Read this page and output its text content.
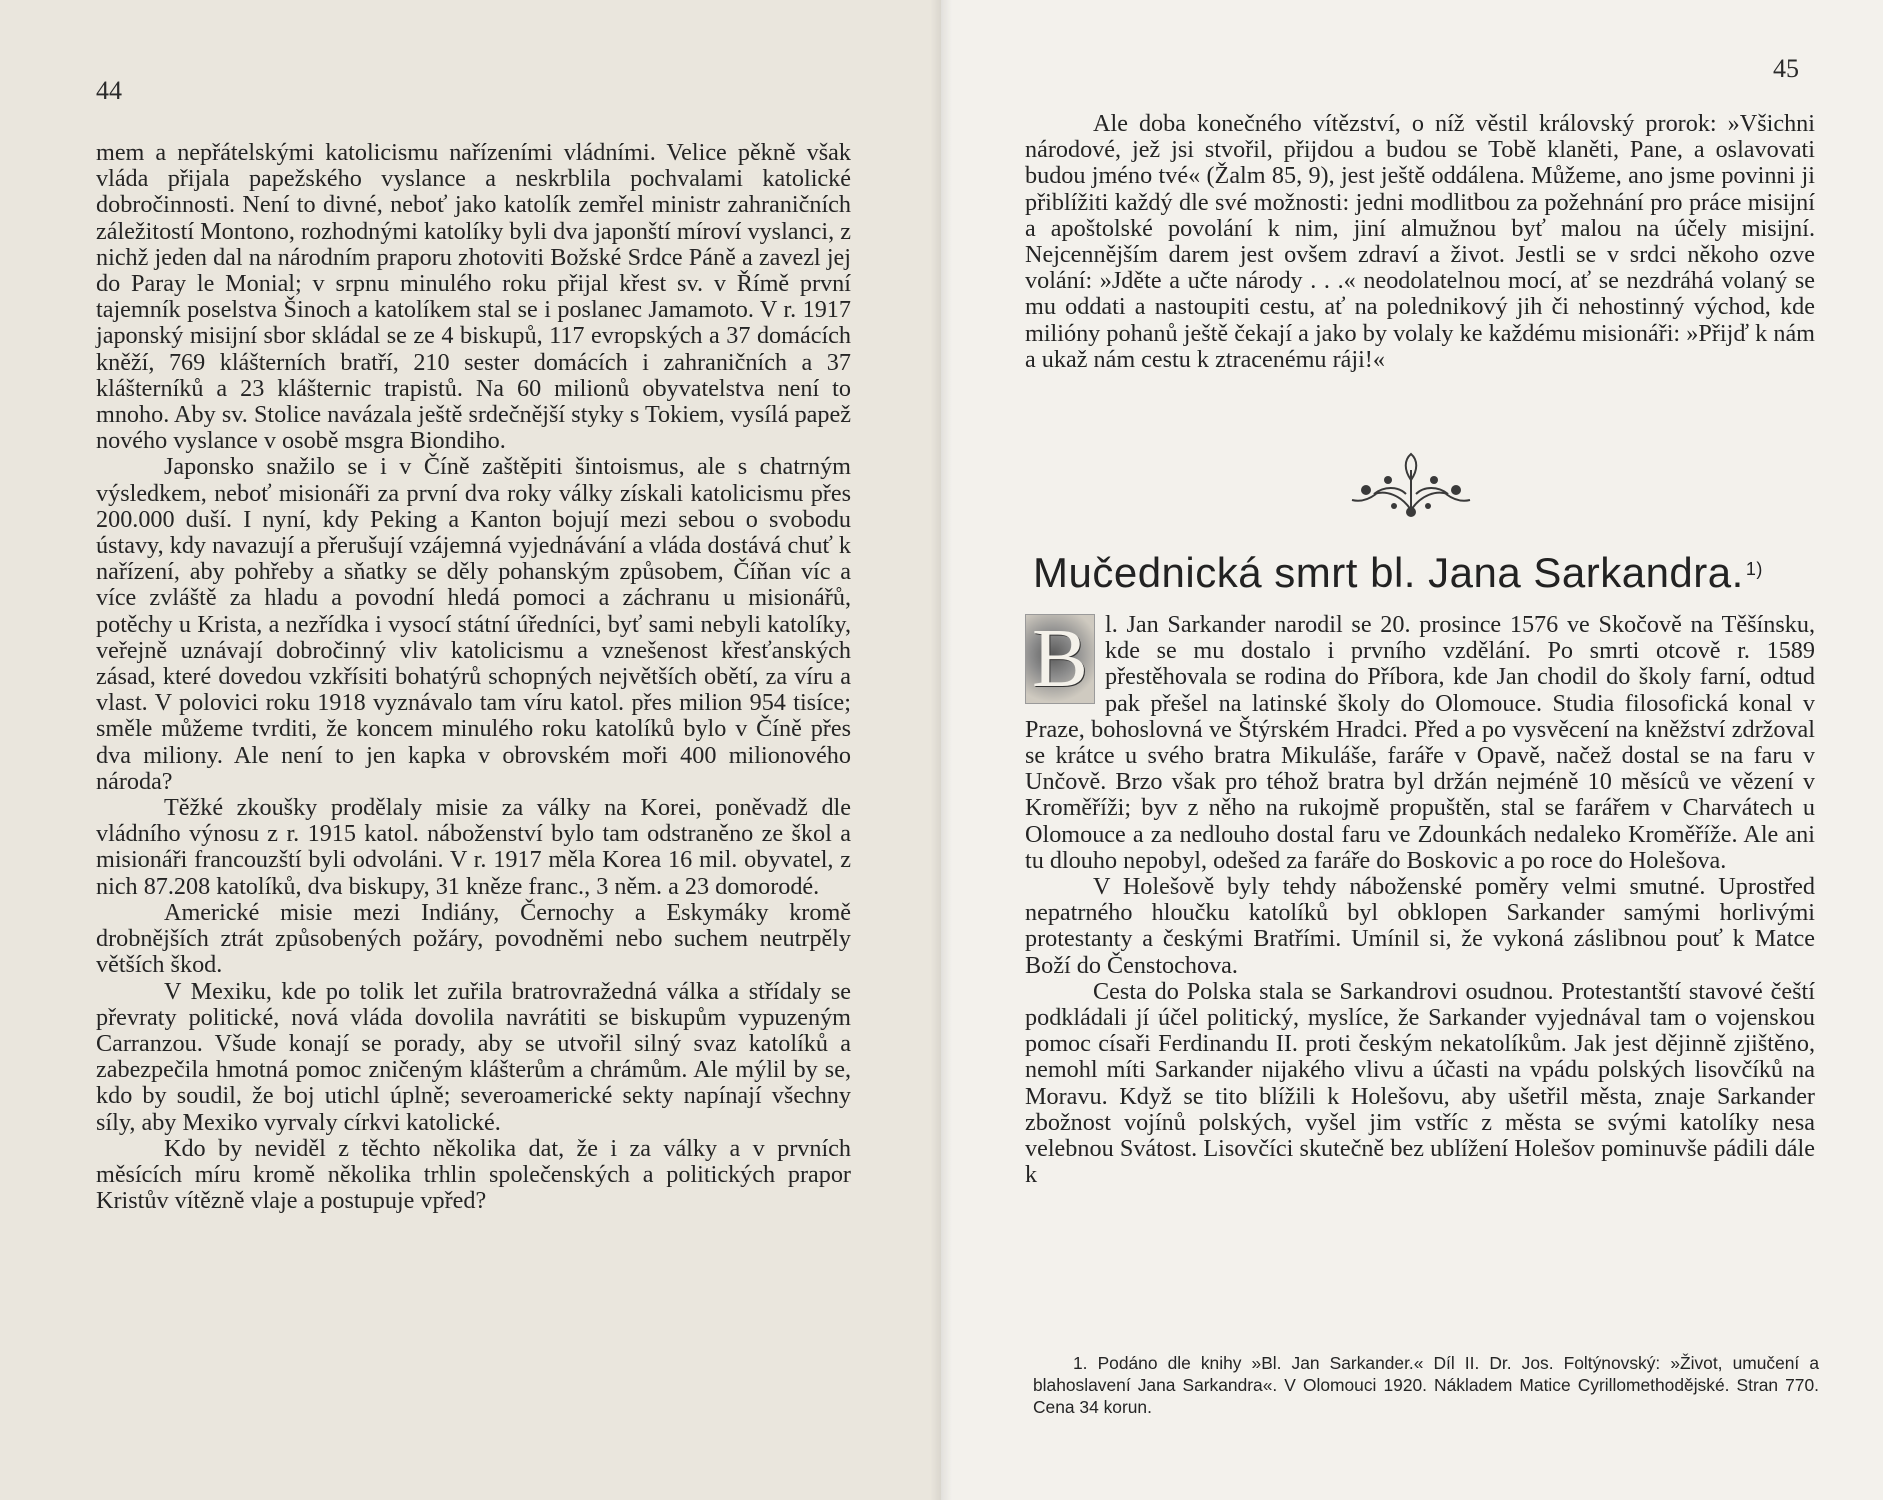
44

mem a nepřátelskými katolicismu nařízeními vládními. Velice pěkně však vláda přijala papežského vyslance a neskrblila pochvalami katolické dobročinnosti. Není to divné, neboť jako katolík zemřel ministr zahraničních záležitostí Montono, rozhodnými katolíky byli dva japonští míroví vyslanci, z nichž jeden dal na národním praporu zhotoviti Božské Srdce Páně a zavezl jej do Paray le Monial; v srpnu minulého roku přijal křest sv. v Římě první tajemník poselstva Šinoch a katolíkem stal se i poslanec Jamamoto. V r. 1917 japonský misijní sbor skládal se ze 4 biskupů, 117 evropských a 37 domácích kněží, 769 klášterních bratří, 210 sester domácích i zahraničních a 37 klášterníků a 23 klášternic trapistů. Na 60 milionů obyvatelstva není to mnoho. Aby sv. Stolice navázala ještě srdečnější styky s Tokiem, vysílá papež nového vyslance v osobě msgra Biondiho.

Japonsko snažilo se i v Číně zaštěpiti šintoismus, ale s chatrným výsledkem, neboť misionáři za první dva roky války získali katolicismu přes 200.000 duší. I nyní, kdy Peking a Kanton bojují mezi sebou o svobodu ústavy, kdy navazují a přerušují vzájemná vyjednávání a vláda dostává chuť k nařízení, aby pohřeby a sňatky se děly pohanským způsobem, Číňan víc a více zvláště za hladu a povodní hledá pomoci a záchranu u misionářů, potěchy u Krista, a nezřídka i vysocí státní úředníci, byť sami nebyli katolíky, veřejně uznávají dobročinný vliv katolicismu a vznešenost křesťanských zásad, které dovedou vzkřísiti bohatýrů schopných největších obětí, za víru a vlast. V polovici roku 1918 vyznávalo tam víru katol. přes milion 954 tisíce; směle můžeme tvrditi, že koncem minulého roku katolíků bylo v Číně přes dva miliony. Ale není to jen kapka v obrovském moři 400 milionového národa?

Těžké zkoušky prodělaly misie za války na Korei, poněvadž dle vládního výnosu z r. 1915 katol. náboženství bylo tam odstraněno ze škol a misionáři francouzští byli odvoláni. V r. 1917 měla Korea 16 mil. obyvatel, z nich 87.208 katolíků, dva biskupy, 31 kněze franc., 3 něm. a 23 domorodé.

Americké misie mezi Indiány, Černochy a Eskymáky kromě drobnějších ztrát způsobených požáry, povodněmi nebo suchem neutrpěly větších škod.

V Mexiku, kde po tolik let zuřila bratrovražedná válka a střídaly se převraty politické, nová vláda dovolila navrátiti se biskupům vypuzeným Carranzou. Všude konají se porady, aby se utvořil silný svaz katolíků a zabezpečila hmotná pomoc zničeným klášterům a chrámům. Ale mýlil by se, kdo by soudil, že boj utichl úplně; severoamerické sekty napínají všechny síly, aby Mexiko vyrvaly církvi katolické.

Kdo by neviděl z těchto několika dat, že i za války a v prvních měsících míru kromě několika trhlin společenských a politických prapor Kristův vítězně vlaje a postupuje vpřed?

45

Ale doba konečného vítězství, o níž věstil královský prorok: »Všichni národové, jež jsi stvořil, přijdou a budou se Tobě klaněti, Pane, a oslavovati budou jméno tvé« (Žalm 85, 9), jest ještě oddálena. Můžeme, ano jsme povinni ji přiblížiti každý dle své možnosti: jedni modlitbou za požehnání pro práce misijní a apoštolské povolání k nim, jiní almužnou byť malou na účely misijní. Nejcennějším darem jest ovšem zdraví a život. Jestli se v srdci někoho ozve volání: »Jděte a učte národy . . .« neodolatelnou mocí, ať se nezdráhá volaný se mu oddati a nastoupiti cestu, ať na polednikový jih či nehostinný východ, kde milióny pohanů ještě čekají a jako by volaly ke každému misionáři: »Přijď k nám a ukaž nám cestu k ztracenému ráji!«

Mučednická smrt bl. Jana Sarkandra. $^{1)}$
B l. Jan Sarkander narodil se 20. prosince 1576 ve Skočově na Těšínsku, kde se mu dostalo i prvního vzdělání. Po smrti otcově r. 1589 přestěhovala se rodina do Příbora, kde Jan chodil do školy farní, odtud pak přešel na latinské školy do Olomouce. Studia filosofická konal v Praze, bohoslovná ve Štýrském Hradci. Před a po vysvěcení na kněžství zdržoval se krátce u svého bratra Mikuláše, faráře v Opavě, načež dostal se na faru v Unčově. Brzo však pro téhož bratra byl držán nejméně 10 měsíců ve vězení v Kroměříži; byv z něho na rukojmě propuštěn, stal se farářem v Charvátech u Olomouce a za nedlouho dostal faru ve Zdounkách nedaleko Kroměříže. Ale ani tu dlouho nepobyl, odešed za faráře do Boskovic a po roce do Holešova.

V Holešově byly tehdy náboženské poměry velmi smutné. Uprostřed nepatrného hloučku katolíků byl obklopen Sarkander samými horlivými protestanty a českými Bratřími. Umínil si, že vykoná záslibnou pouť k Matce Boží do Čenstochova.

Cesta do Polska stala se Sarkandrovi osudnou. Protestantští stavové čeští podkládali jí účel politický, myslíce, že Sarkander vyjednával tam o vojenskou pomoc císaři Ferdinandu II. proti českým nekatolíkům. Jak jest dějinně zjištěno, nemohl míti Sarkander nijakého vlivu a účasti na vpádu polských lisovčíků na Moravu. Když se tito blížili k Holešovu, aby ušetřil města, znaje Sarkander zbožnost vojínů polských, vyšel jim vstříc z města se svými katolíky nesa velebnou Svátost. Lisovčíci skutečně bez ublížení Holešov pominuvše pádili dále k

1. Podáno dle knihy »Bl. Jan Sarkander.« Díl II. Dr. Jos. Foltýnovský: »Život, umučení a blahoslavení Jana Sarkandra«. V Olomouci 1920. Nákladem Matice Cyrillomethodějské. Stran 770. Cena 34 korun.
